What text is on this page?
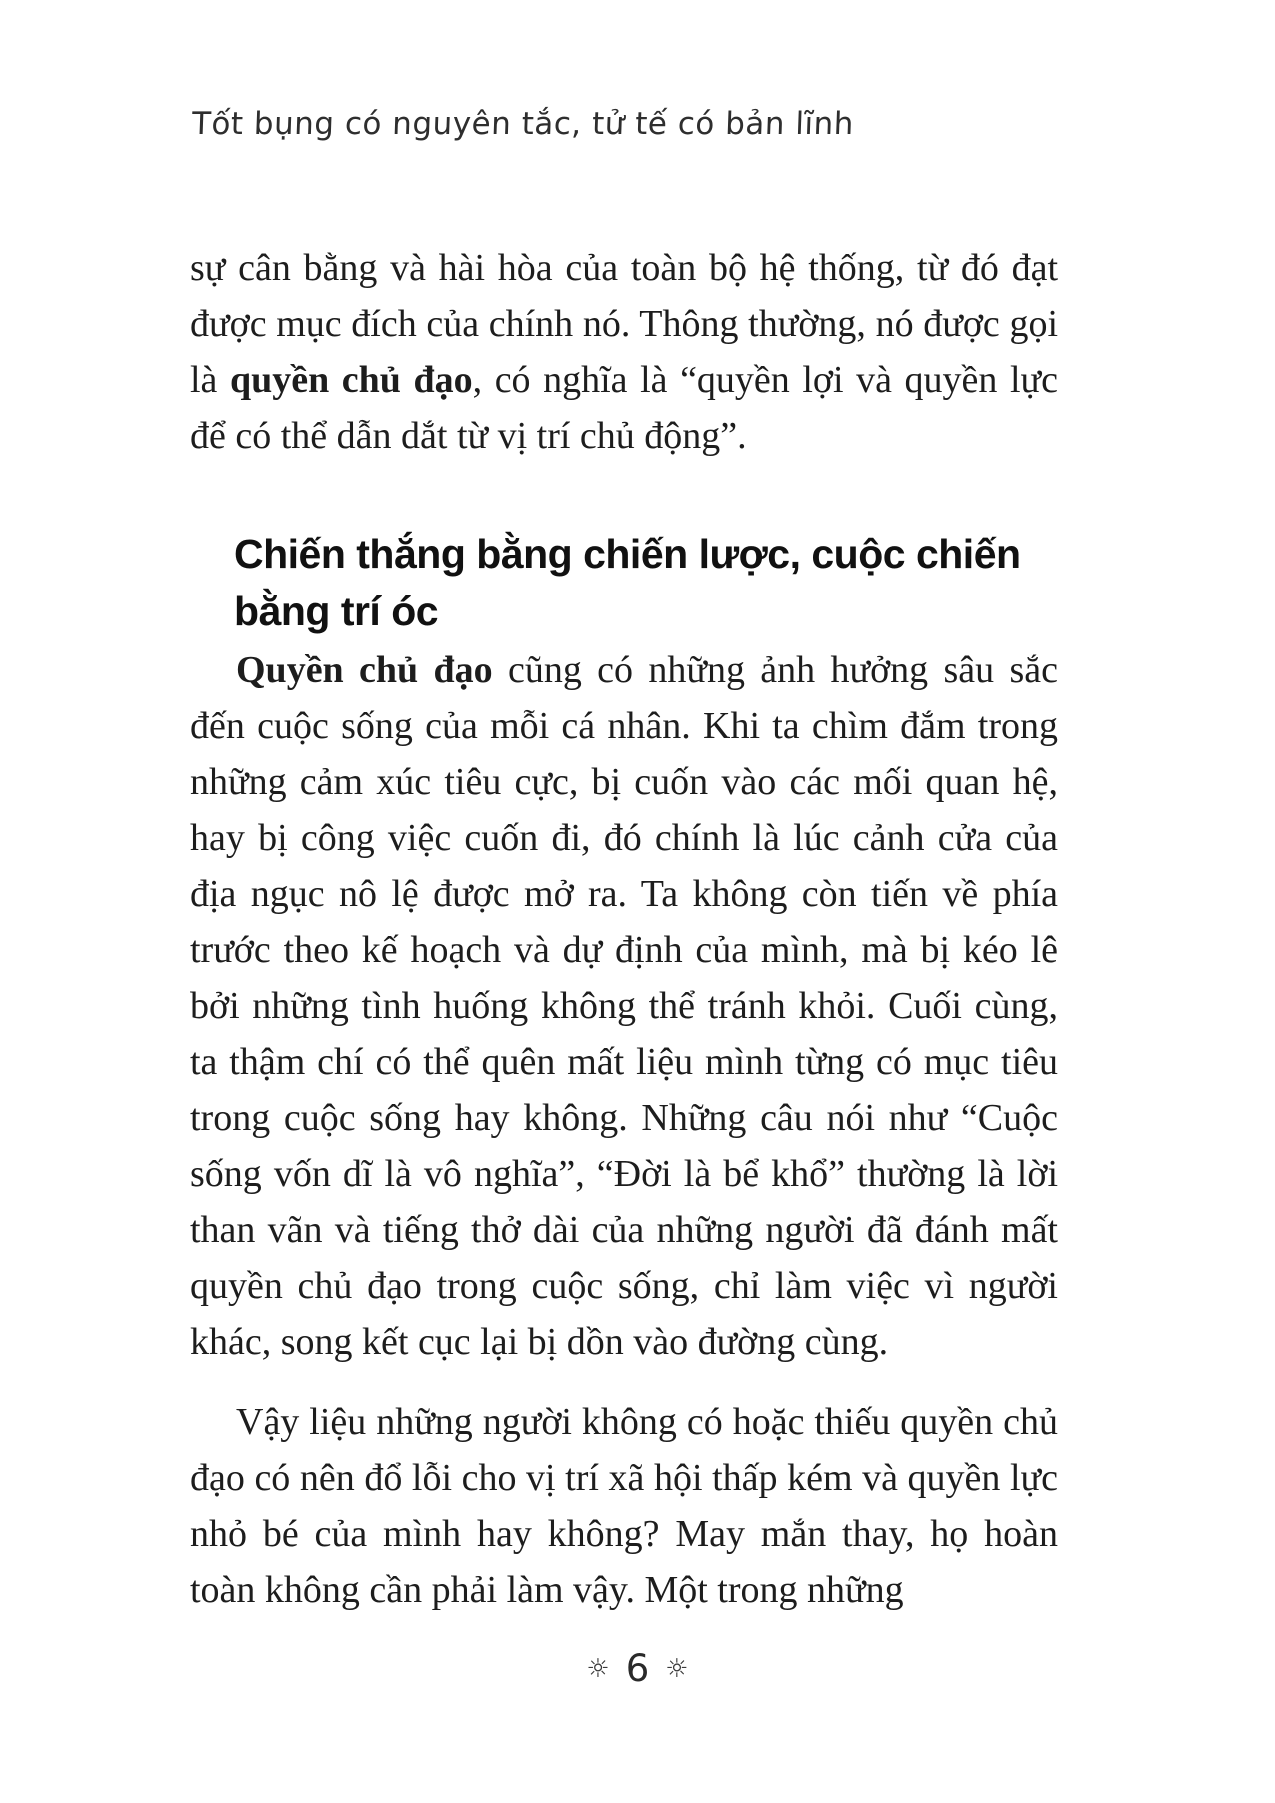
Tốt bụng có nguyên tắc, tử tế có bản lĩnh

sự cân bằng và hài hòa của toàn bộ hệ thống, từ đó đạt được mục đích của chính nó. Thông thường, nó được gọi là quyền chủ đạo, có nghĩa là “quyền lợi và quyền lực để có thể dẫn dắt từ vị trí chủ động”.

Chiến thắng bằng chiến lược, cuộc chiến
bằng trí óc

Quyền chủ đạo cũng có những ảnh hưởng sâu sắc đến cuộc sống của mỗi cá nhân. Khi ta chìm đắm trong những cảm xúc tiêu cực, bị cuốn vào các mối quan hệ, hay bị công việc cuốn đi, đó chính là lúc cảnh cửa của địa ngục nô lệ được mở ra. Ta không còn tiến về phía trước theo kế hoạch và dự định của mình, mà bị kéo lê bởi những tình huống không thể tránh khỏi. Cuối cùng, ta thậm chí có thể quên mất liệu mình từng có mục tiêu trong cuộc sống hay không. Những câu nói như “Cuộc sống vốn dĩ là vô nghĩa”, “Đời là bể khổ” thường là lời than vãn và tiếng thở dài của những người đã đánh mất quyền chủ đạo trong cuộc sống, chỉ làm việc vì người khác, song kết cục lại bị dồn vào đường cùng.

Vậy liệu những người không có hoặc thiếu quyền chủ đạo có nên đổ lỗi cho vị trí xã hội thấp kém và quyền lực nhỏ bé của mình hay không? May mắn thay, họ hoàn toàn không cần phải làm vậy. Một trong những

☼ 6 ☼
